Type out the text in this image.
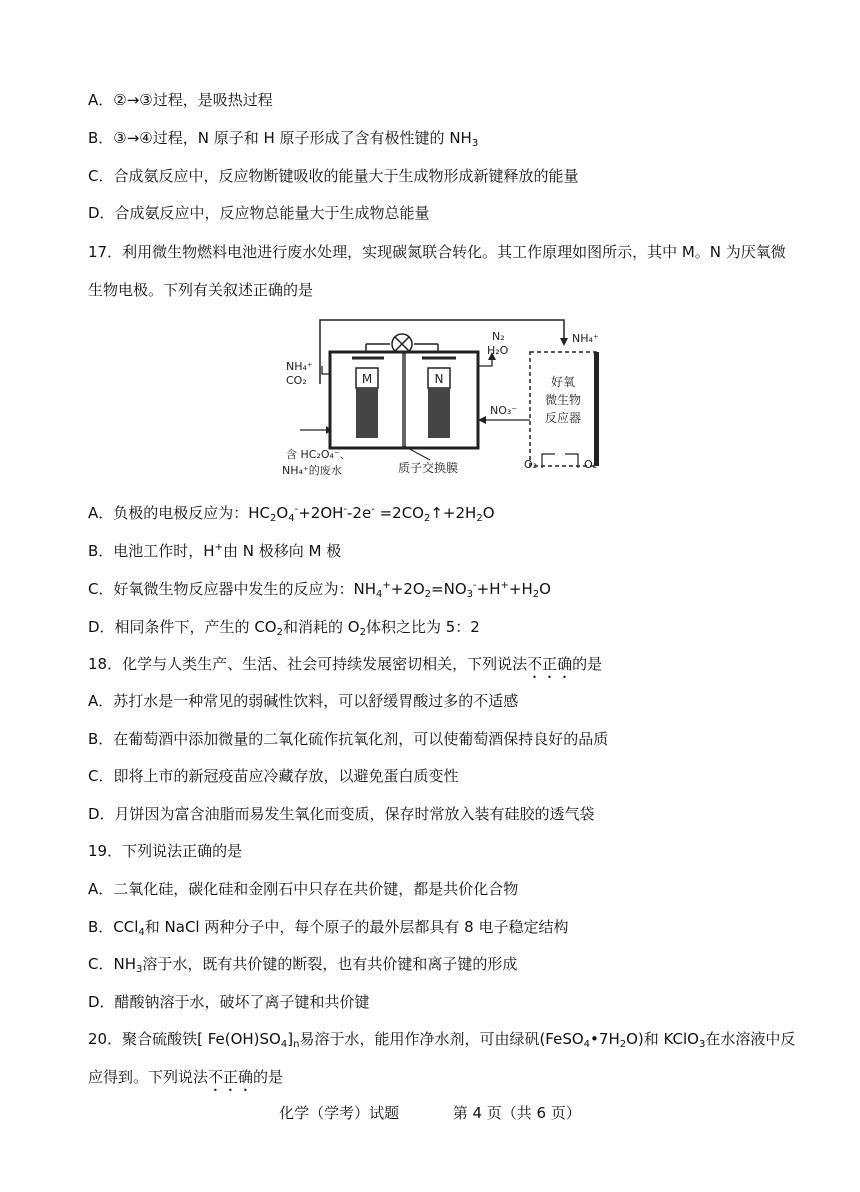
A．②→③过程，是吸热过程
B．③→④过程，N 原子和 H 原子形成了含有极性键的 $NH_3$
C．合成氨反应中，反应物断键吸收的能量大于生成物形成新键释放的能量
D．合成氨反应中，反应物总能量大于生成物总能量
17．利用微生物燃料电池进行废水处理，实现碳氮联合转化。其工作原理如图所示，其中 M。N 为厌氧微
生物电极。下列有关叙述正确的是
M	N
N₂
H₂O
NH₄⁺
NH₄⁺
CO₂	好氧
微生物
反应器
NO₃⁻
O₂	O₂
含 HC₂O₄⁻、
NH₄⁺的废水	质子交换膜
A．负极的电极反应为：$HC_2O_4^-+2OH^--2e^-$ $=2CO_2↑+2H_2O$
B．电池工作时，H+由 N 极移向 M 极
C．好氧微生物反应器中发生的反应为：$NH_4^++2O_2=NO_3^-+H^++H_2O$
D．相同条件下，产生的 $CO_2$和消耗的 $O_2$体积之比为 5：2
18．化学与人类生产、生活、社会可持续发展密切相关，下列说法不正确的是
A．苏打水是一种常见的弱碱性饮料，可以舒缓胃酸过多的不适感
B．在葡萄酒中添加微量的二氧化硫作抗氧化剂，可以使葡萄酒保持良好的品质
C．即将上市的新冠疫苗应冷藏存放，以避免蛋白质变性
D．月饼因为富含油脂而易发生氧化而变质，保存时常放入装有硅胶的透气袋
19．下列说法正确的是
A．二氧化硅，碳化硅和金刚石中只存在共价键，都是共价化合物
B．CCl$_4$和 NaCl 两种分子中，每个原子的最外层都具有 8 电子稳定结构
C．$NH_3$溶于水，既有共价键的断裂，也有共价键和离子键的形成
D．醋酸钠溶于水，破坏了离子键和共价键
20．聚合硫酸铁[ $Fe(OH)SO_4]_n$易溶于水，能用作净水剂，可由绿矾$(FeSO_4•7H_2O)$和 KClO$_3$在水溶液中反
应得到。下列说法不正确的是
化学（学考）试题	第 4 页（共 6 页）
